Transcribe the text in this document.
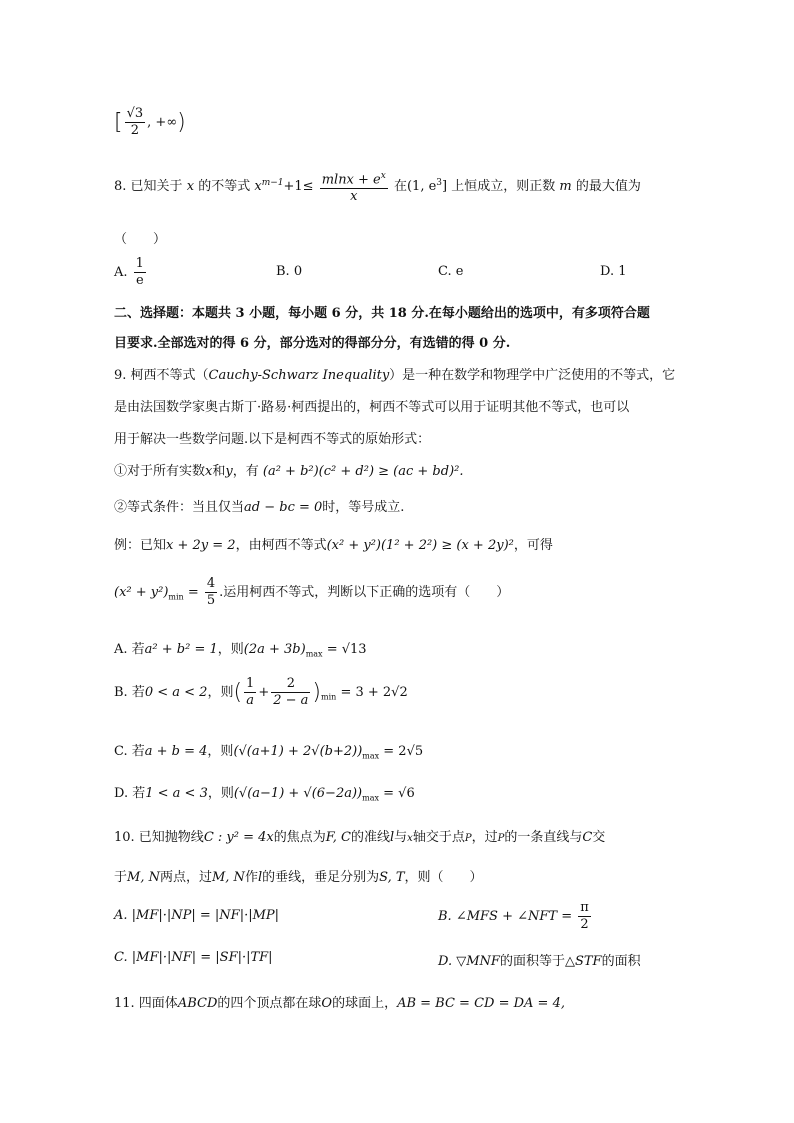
[ $\frac{√3}{2}$ , +∞)
8. 已知关于 x 的不等式 $x^{m-1}+1\le \frac{mlnx + e^x}{x}$ 在(1, $e^3$] 上恒成立，则正数 m 的最大值为
（　　）
A. $\frac{1}{e}$	B. 0	C. e	D. 1
二、选择题：本题共 3 小题，每小题 6 分，共 18 分.在每小题给出的选项中，有多项符合题
目要求.全部选对的得 6 分，部分选对的得部分分，有选错的得 0 分.
9. 柯西不等式（Cauchy-Schwarz Inequality）是一种在数学和物理学中广泛使用的不等式，它
是由法国数学家奥古斯丁·路易·柯西提出的，柯西不等式可以用于证明其他不等式，也可以
用于解决一些数学问题.以下是柯西不等式的原始形式：
①对于所有实数x和y，有 (a² + b²)(c² + d²) ≥ (ac + bd)².
②等式条件：当且仅当ad − bc = 0时，等号成立.
例：已知x + 2y = 2，由柯西不等式(x² + y²)(1² + 2²) ≥ (x + 2y)²，可得
$(x^2 + y^2)_{min} = \frac{4}{5}$ .运用柯西不等式，判断以下正确的选项有（　　）
A. 若a² + b² = 1，则$(2a + 3b)_{max} = √13$
B. 若0 < a < 2，则( $\frac{1}{a} + \frac{2}{2 - a} )_{min} = 3 + 2√2$
C. 若a + b = 4，则$(√(a+1) + 2√(b+2))_{max} = 2√5$
D. 若1 < a < 3，则$(√(a-1) + √(6-2a))_{max} = √6$
10. 已知抛物线C : y² = 4x的焦点为F, C的准线l与x轴交于点P，过P的一条直线与C交
于M, N两点，过M, N作l的垂线，垂足分别为S, T，则（　　）
A. |MF|·|NP| = |NF|·|MP|	B. ∠MFS + ∠NFT = $\frac{\pi}{2}$
C. |MF|·|NF| = |SF|·|TF|	D. ▽MNF的面积等于△STF的面积
11. 四面体ABCD的四个顶点都在球O的球面上，AB = BC = CD = DA = 4,
